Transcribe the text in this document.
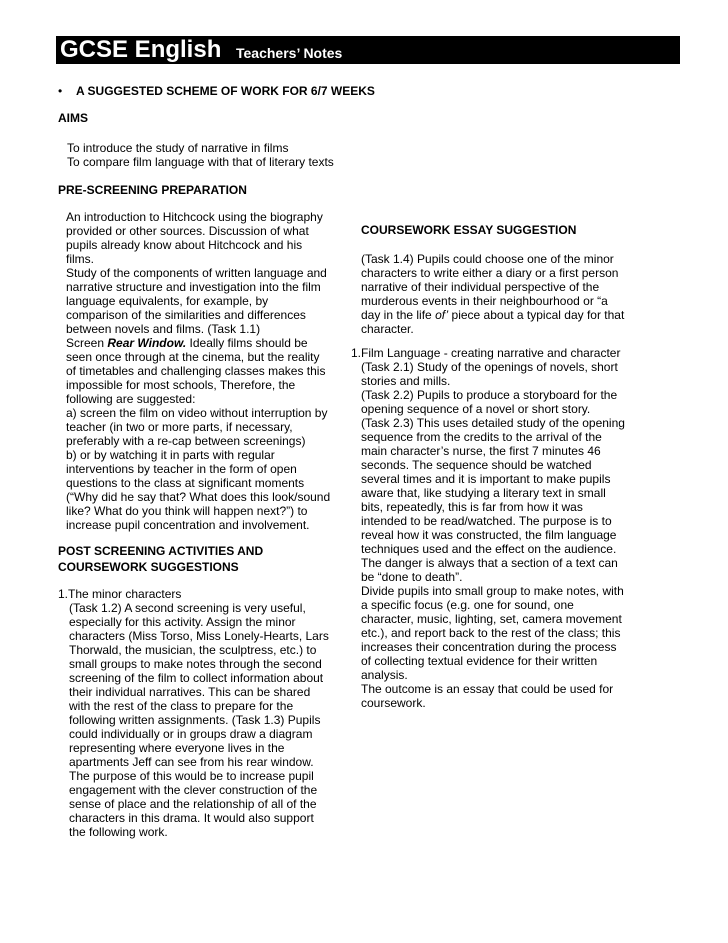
GCSE English Teachers’ Notes
• A SUGGESTED SCHEME OF WORK FOR 6/7 WEEKS
AIMS
To introduce the study of narrative in films
To compare film language with that of literary texts
PRE-SCREENING PREPARATION
An introduction to Hitchcock using the biography
provided or other sources. Discussion of what
pupils already know about Hitchcock and his
films.
Study of the components of written language and
narrative structure and investigation into the film
language equivalents, for example, by
comparison of the similarities and differences
between novels and films. (Task 1.1)
Screen Rear Window. Ideally films should be
seen once through at the cinema, but the reality
of timetables and challenging classes makes this
impossible for most schools, Therefore, the
following are suggested:
a) screen the film on video without interruption by
teacher (in two or more parts, if necessary,
preferably with a re-cap between screenings)
b) or by watching it in parts with regular
interventions by teacher in the form of open
questions to the class at significant moments
(“Why did he say that? What does this look/sound
like? What do you think will happen next?”) to
increase pupil concentration and involvement.
POST SCREENING ACTIVITIES AND
COURSEWORK SUGGESTIONS
1.The minor characters
(Task 1.2) A second screening is very useful,
especially for this activity. Assign the minor
characters (Miss Torso, Miss Lonely-Hearts, Lars
Thorwald, the musician, the sculptress, etc.) to
small groups to make notes through the second
screening of the film to collect information about
their individual narratives. This can be shared
with the rest of the class to prepare for the
following written assignments. (Task 1.3) Pupils
could individually or in groups draw a diagram
representing where everyone lives in the
apartments Jeff can see from his rear window.
The purpose of this would be to increase pupil
engagement with the clever construction of the
sense of place and the relationship of all of the
characters in this drama. It would also support
the following work.
COURSEWORK ESSAY SUGGESTION
(Task 1.4) Pupils could choose one of the minor
characters to write either a diary or a first person
narrative of their individual perspective of the
murderous events in their neighbourhood or “a
day in the life of’ piece about a typical day for that
character.
1.Film Language - creating narrative and character
(Task 2.1) Study of the openings of novels, short
stories and mills.
(Task 2.2) Pupils to produce a storyboard for the
opening sequence of a novel or short story.
(Task 2.3) This uses detailed study of the opening
sequence from the credits to the arrival of the
main character’s nurse, the first 7 minutes 46
seconds. The sequence should be watched
several times and it is important to make pupils
aware that, like studying a literary text in small
bits, repeatedly, this is far from how it was
intended to be read/watched. The purpose is to
reveal how it was constructed, the film language
techniques used and the effect on the audience.
The danger is always that a section of a text can
be “done to death”.
Divide pupils into small group to make notes, with
a specific focus (e.g. one for sound, one
character, music, lighting, set, camera movement
etc.), and report back to the rest of the class; this
increases their concentration during the process
of collecting textual evidence for their written
analysis.
The outcome is an essay that could be used for
coursework.
